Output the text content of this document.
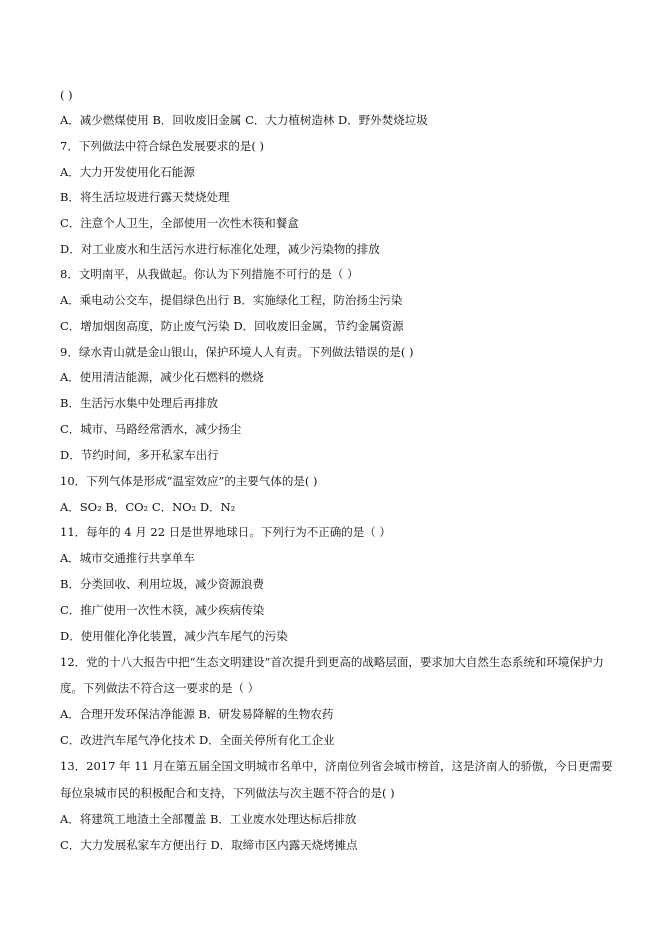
( )
A．减少燃煤使用 B．回收废旧金属 C．大力植树造林 D．野外焚烧垃圾
7．下列做法中符合绿色发展要求的是( )
A．大力开发使用化石能源
B．将生活垃圾进行露天焚烧处理
C．注意个人卫生，全部使用一次性木筷和餐盒
D．对工业废水和生活污水进行标准化处理，减少污染物的排放
8．文明南平，从我做起。你认为下列措施不可行的是（ ）
A．乘电动公交车，提倡绿色出行 B．实施绿化工程，防治扬尘污染
C．增加烟囱高度，防止废气污染 D．回收废旧金属，节约金属资源
9．绿水青山就是金山银山，保护环境人人有责。下列做法错误的是( )
A．使用清洁能源，减少化石燃料的燃烧
B．生活污水集中处理后再排放
C．城市、马路经常洒水，减少扬尘
D．节约时间，多开私家车出行
10．下列气体是形成“温室效应”的主要气体的是( )
A．SO₂ B．CO₂ C．NO₂ D．N₂
11．每年的 4 月 22 日是世界地球日。下列行为不正确的是（ ）
A．城市交通推行共享单车
B．分类回收、利用垃圾，减少资源浪费
C．推广使用一次性木筷，减少疾病传染
D．使用催化净化装置，减少汽车尾气的污染
12．党的十八大报告中把“生态文明建设”首次提升到更高的战略层面，要求加大自然生态系统和环境保护力
度。下列做法不符合这一要求的是（ ）
A．合理开发环保洁净能源 B．研发易降解的生物农药
C．改进汽车尾气净化技术 D．全面关停所有化工企业
13．2017 年 11 月在第五届全国文明城市名单中，济南位列省会城市榜首，这是济南人的骄傲，今日更需要
每位泉城市民的积极配合和支持，下列做法与次主题不符合的是( )
A．将建筑工地渣土全部覆盖 B．工业废水处理达标后排放
C．大力发展私家车方便出行 D．取缔市区内露天烧烤摊点
